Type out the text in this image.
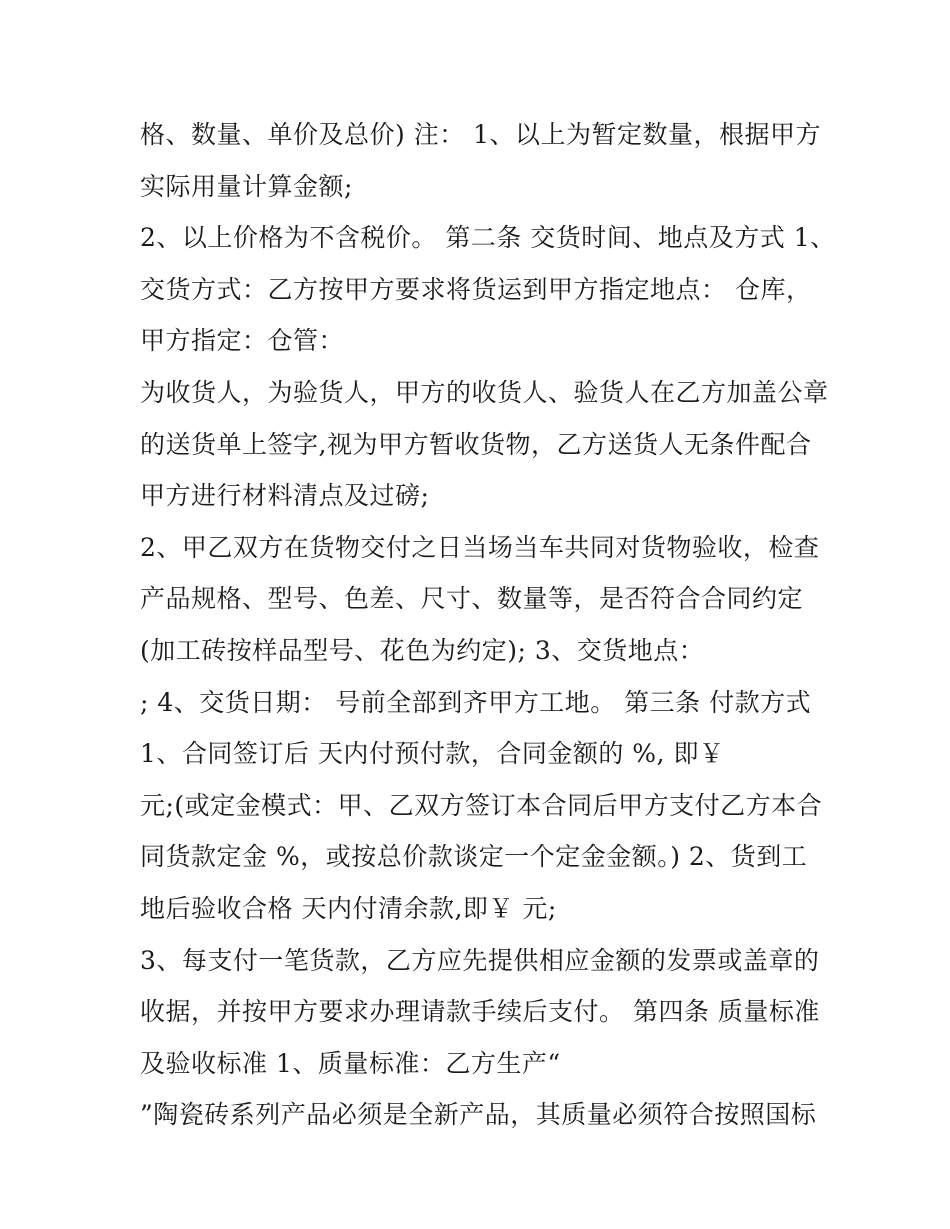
格、数量、单价及总价) 注： 1、以上为暂定数量，根据甲方
实际用量计算金额;
2、以上价格为不含税价。 第二条 交货时间、地点及方式 1、
交货方式：乙方按甲方要求将货运到甲方指定地点： 仓库，
甲方指定：仓管：
为收货人，为验货人，甲方的收货人、验货人在乙方加盖公章
的送货单上签字,视为甲方暂收货物，乙方送货人无条件配合
甲方进行材料清点及过磅;
2、甲乙双方在货物交付之日当场当车共同对货物验收，检查
产品规格、型号、色差、尺寸、数量等，是否符合合同约定
(加工砖按样品型号、花色为约定); 3、交货地点：
; 4、交货日期： 号前全部到齐甲方工地。 第三条 付款方式
1、合同签订后 天内付预付款，合同金额的 %, 即￥
元;(或定金模式：甲、乙双方签订本合同后甲方支付乙方本合
同货款定金 %，或按总价款谈定一个定金金额。) 2、货到工
地后验收合格 天内付清余款,即￥ 元;
3、每支付一笔货款，乙方应先提供相应金额的发票或盖章的
收据，并按甲方要求办理请款手续后支付。 第四条 质量标准
及验收标准 1、质量标准：乙方生产“
”陶瓷砖系列产品必须是全新产品，其质量必须符合按照国标
